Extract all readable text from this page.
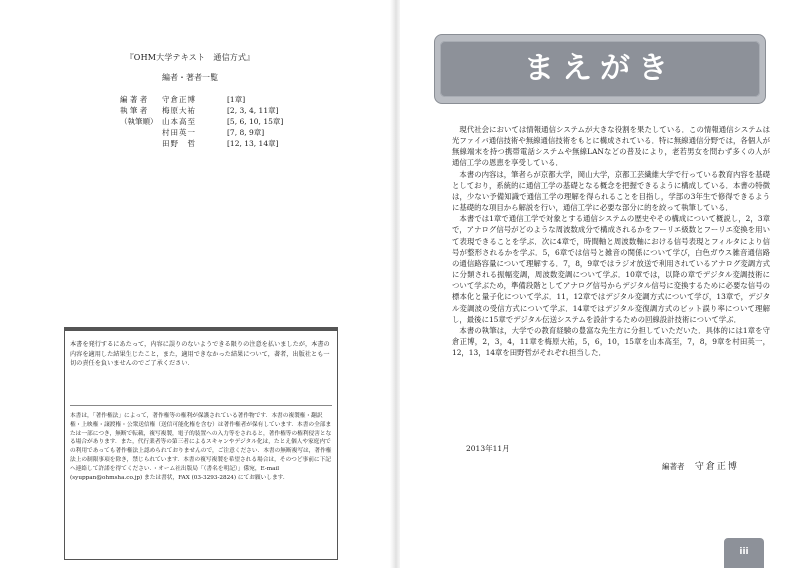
『OHM大学テキスト　通信方式』
編者・著者一覧
編 著 者	守倉正博	[1章]
執 筆 者	梅原大祐	[2, 3, 4, 11章]
（執筆順） 山本高至	[5, 6, 10, 15章]
村田英一	[7, 8, 9章]
田野　哲	[12, 13, 14章]
本書を発行するにあたって，内容に誤りのないようできる限りの注意を払いましたが，本書の内容を適用した結果生じたこと，また，適用できなかった結果について，著者，出版社とも一切の責任を負いませんのでご了承ください．
本書は，「著作権法」によって，著作権等の権利が保護されている著作物です．本書の複製権・翻訳権・上映権・譲渡権・公衆送信権（送信可能化権を含む）は著作権者が保有しています．本書の全部または一部につき，無断で転載，複写複製，電子的装置への入力等をされると，著作権等の権利侵害となる場合があります．また，代行業者等の第三者によるスキャンやデジタル化は，たとえ個人や家庭内での利用であっても著作権法上認められておりませんので，ご注意ください．本書の無断複写は，著作権法上の制限事項を除き，禁じられています．本書の複写複製を希望される場合は，そのつど事前に下記へ連絡して許諾を得てください．・オーム社出版局「（書名を明記）」係宛，E-mail (syuppan@ohmsha.co.jp) または書状，FAX (03-3293-2824) にてお願いします．
まえがき

現代社会においては情報通信システムが大きな役割を果たしている．この情報通信システムは光ファイバ通信技術や無線通信技術をもとに構成されている．特に無線通信分野では，各個人が無線端末を持つ携帯電話システムや無線LANなどの普及により，老若男女を問わず多くの人が通信工学の恩恵を享受している．

本書の内容は，筆者らが京都大学，岡山大学，京都工芸繊維大学で行っている教育内容を基礎としており，系統的に通信工学の基礎となる概念を把握できるように構成している．本書の特徴は，少ない予備知識で通信工学の理解を得られることを目指し，学部の3年生で修得できるように基礎的な項目から解説を行い，通信工学に必要な部分に的を絞って執筆している．

本書では1章で通信工学で対象とする通信システムの歴史やその構成について概説し，2，3章で，アナログ信号がどのような周波数成分で構成されるかをフーリエ級数とフーリエ変換を用いて表現できることを学ぶ．次に4章で，時間軸と周波数軸における信号表現とフィルタにより信号が整形されるかを学ぶ．5，6章では信号と雑音の関係について学び，白色ガウス雑音通信路の通信路容量について理解する．7，8，9章ではラジオ放送で利用されているアナログ変調方式に分類される振幅変調，周波数変調について学ぶ．10章では，以降の章でデジタル変調技術について学ぶため，準備段階としてアナログ信号からデジタル信号に変換するために必要な信号の標本化と量子化について学ぶ．11，12章ではデジタル変調方式について学び，13章で，デジタル変調波の受信方式について学ぶ．14章ではデジタル変復調方式のビット誤り率について理解し，最後に15章でデジタル伝送システムを設計するための回線設計技術について学ぶ．

本書の執筆は，大学での教育経験の豊富な先生方に分担していただいた．具体的には1章を守倉正博，2，3，4，11章を梅原大祐，5，6，10，15章を山本高至，7，8，9章を村田英一，12，13，14章を田野哲がそれぞれ担当した．

2013年11月
編著者 守倉正博
iii
